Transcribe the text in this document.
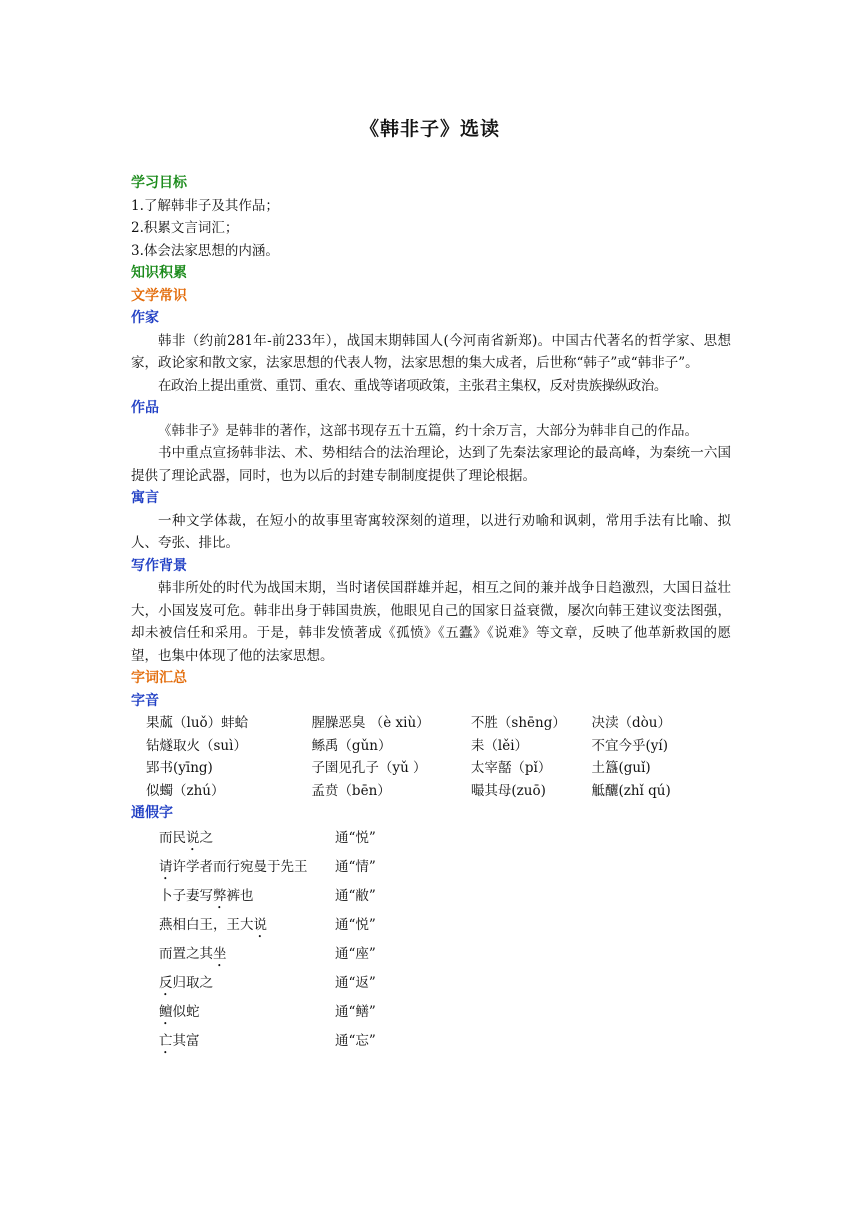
《韩非子》选读
学习目标
1.了解韩非子及其作品；
2.积累文言词汇；
3.体会法家思想的内涵。
知识积累
文学常识
作家
韩非（约前281年-前233年），战国末期韩国人(今河南省新郑)。中国古代著名的哲学家、思想家，政论家和散文家，法家思想的代表人物，法家思想的集大成者，后世称“韩子”或“韩非子”。
在政治上提出重赏、重罚、重农、重战等诸项政策，主张君主集权，反对贵族操纵政治。
作品
《韩非子》是韩非的著作，这部书现存五十五篇，约十余万言，大部分为韩非自己的作品。
书中重点宣扬韩非法、术、势相结合的法治理论，达到了先秦法家理论的最高峰，为秦统一六国提供了理论武器，同时，也为以后的封建专制制度提供了理论根据。
寓言
一种文学体裁，在短小的故事里寄寓较深刻的道理，以进行劝喻和讽刺，常用手法有比喻、拟人、夸张、排比。
写作背景
韩非所处的时代为战国末期，当时诸侯国群雄并起，相互之间的兼并战争日趋激烈，大国日益壮大，小国岌岌可危。韩非出身于韩国贵族，他眼见自己的国家日益衰微，屡次向韩王建议变法图强，却未被信任和采用。于是，韩非发愤著成《孤愤》《五蠹》《说难》等文章，反映了他革新救国的愿望，也集中体现了他的法家思想。
字词汇总
字音
果蓏（luǒ）蚌蛤	腥臊恶臭 （è xiù）	不胜（shēng）	决渎（dòu）
钻燧取火（suì）	鲧禹（gǔn）	耒（lěi）	不宜今乎(yí)
郢书(yīng)	子圉见孔子（yǔ ）	太宰嚭（pǐ）	土簋(guǐ)
似蠋（zhú）	孟贲（bēn）	嘬其母(zuō)	觝釃(zhǐ qú)
通假字
而民说之	通“悦”
请许学者而行宛曼于先王	通“情”
卜子妻写弊裤也	通“敝”
燕相白王，王大说	通“悦”
而置之其坐	通“座”
反归取之	通“返”
鳣似蛇	通“鳝”
亡其富	通“忘”
